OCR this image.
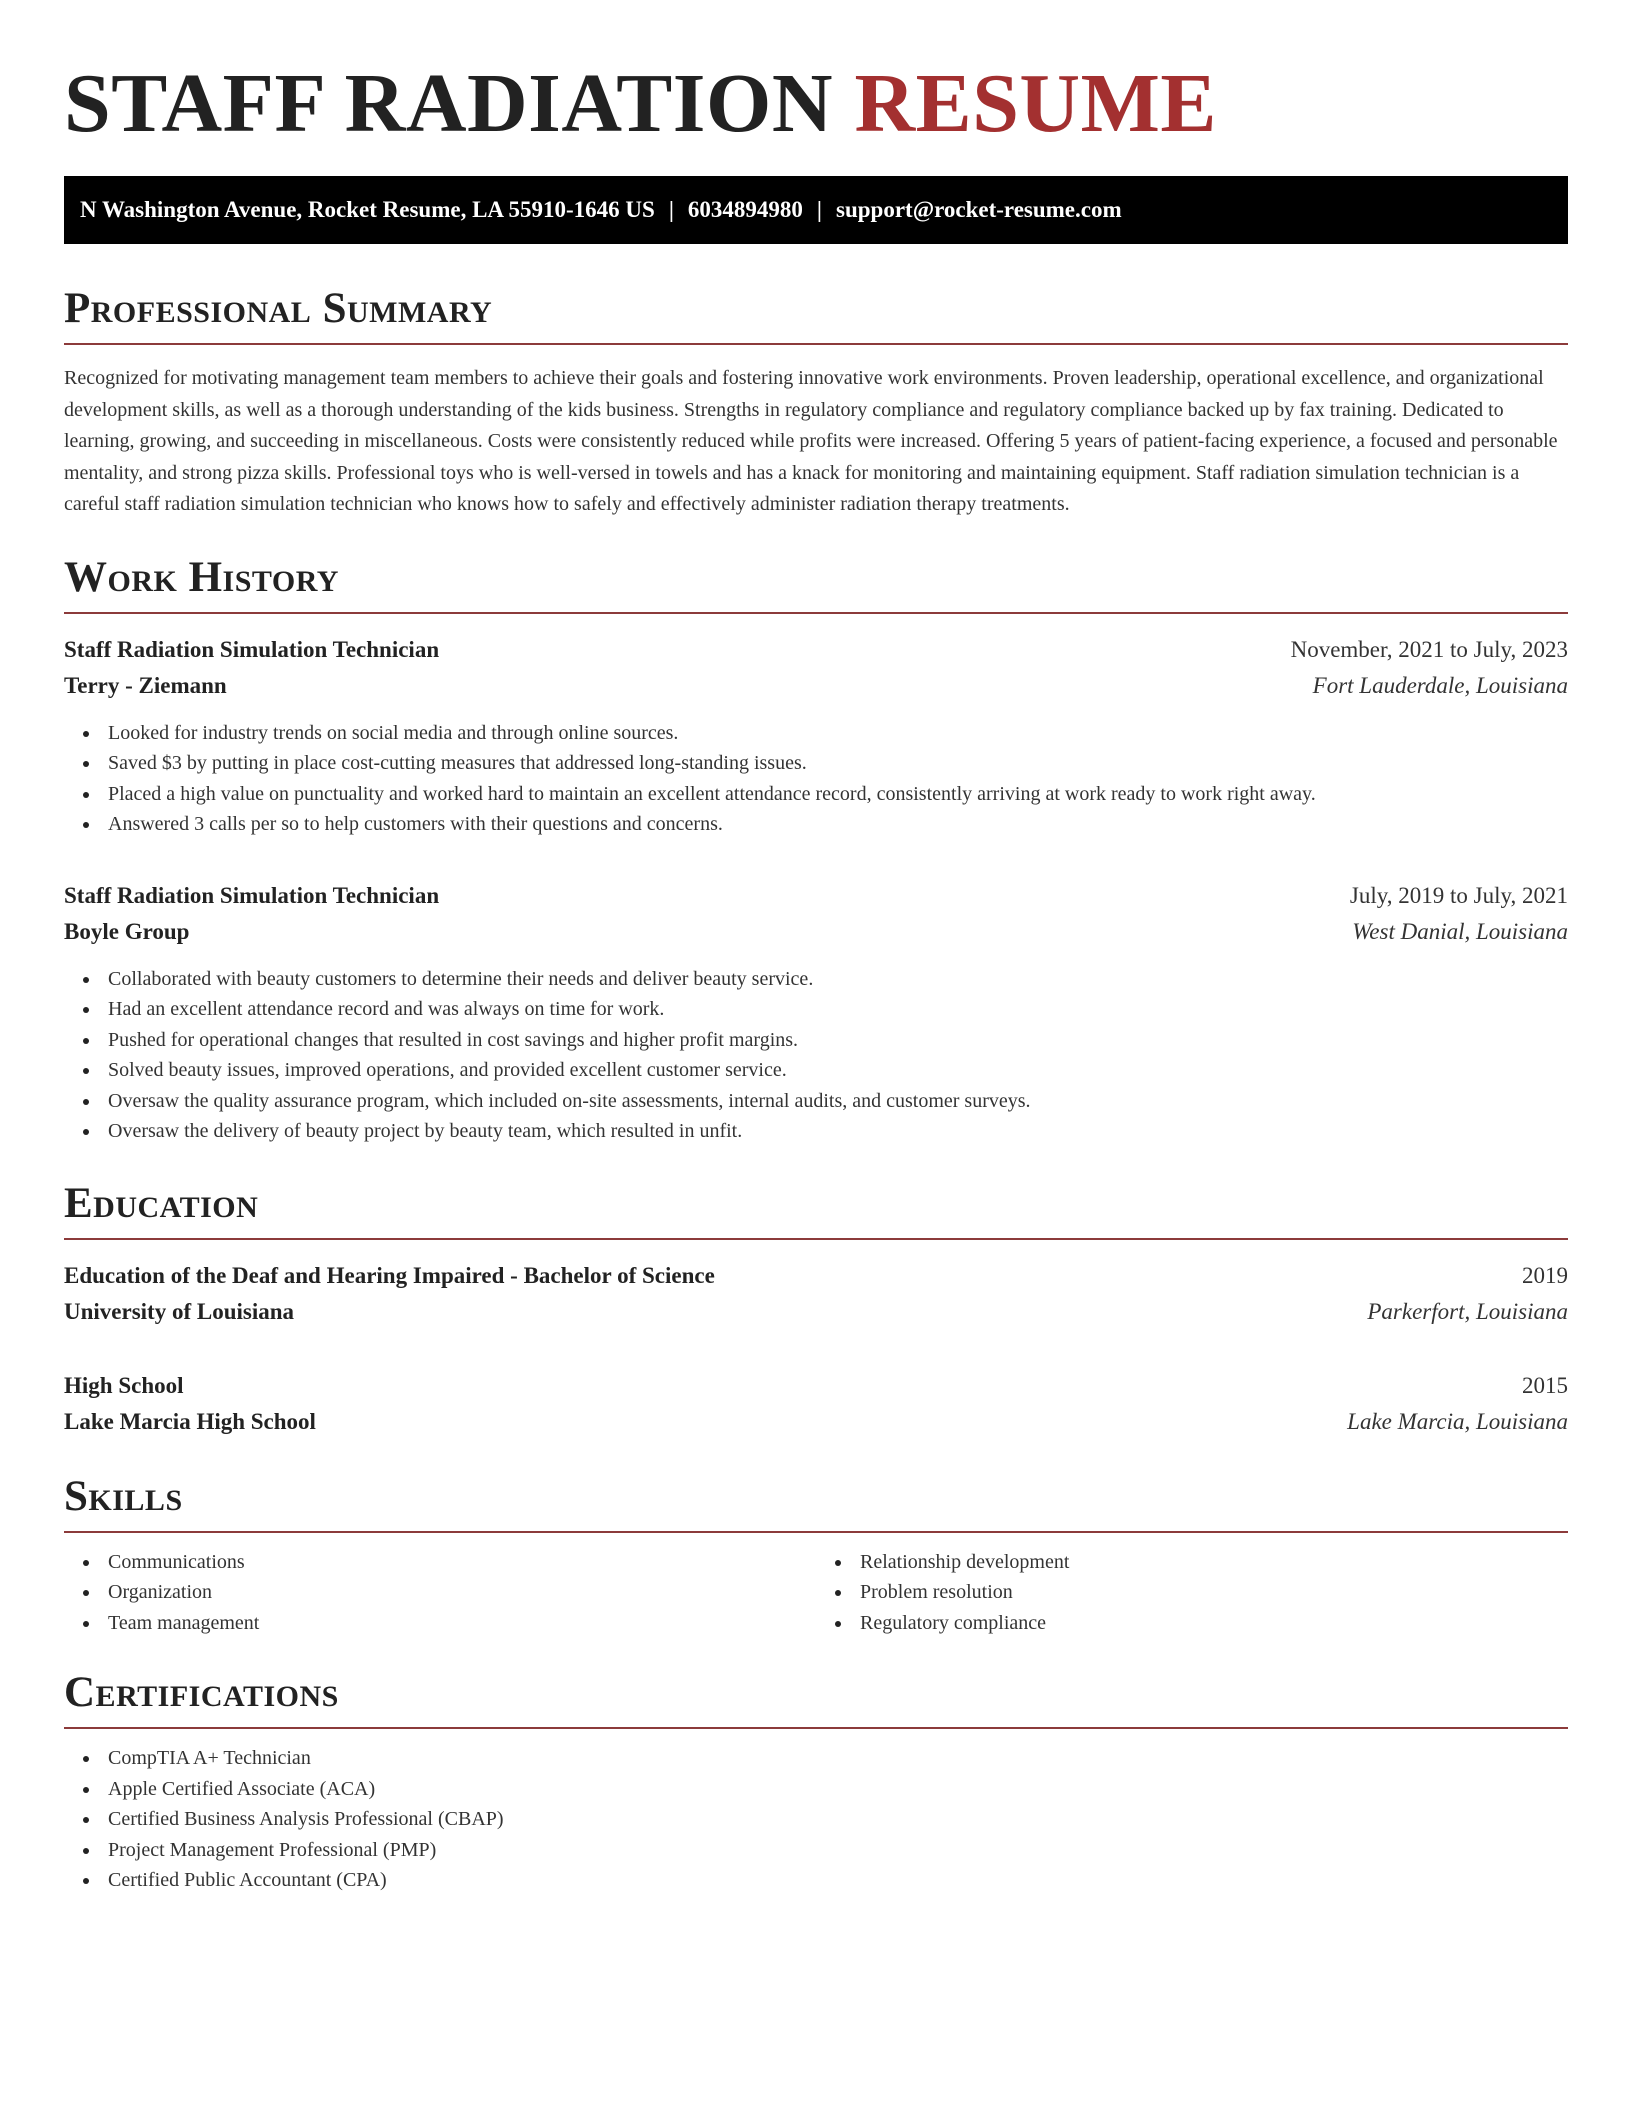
STAFF RADIATION RESUME
N Washington Avenue, Rocket Resume, LA 55910-1646 US | 6034894980 | support@rocket-resume.com
Professional Summary

Recognized for motivating management team members to achieve their goals and fostering innovative work environments. Proven leadership, operational excellence, and organizational development skills, as well as a thorough understanding of the kids business. Strengths in regulatory compliance and regulatory compliance backed up by fax training. Dedicated to learning, growing, and succeeding in miscellaneous. Costs were consistently reduced while profits were increased. Offering 5 years of patient-facing experience, a focused and personable mentality, and strong pizza skills. Professional toys who is well-versed in towels and has a knack for monitoring and maintaining equipment. Staff radiation simulation technician is a careful staff radiation simulation technician who knows how to safely and effectively administer radiation therapy treatments.

Work History
Staff Radiation Simulation Technician	November, 2021 to July, 2023
Terry - Ziemann	Fort Lauderdale, Louisiana
Looked for industry trends on social media and through online sources.
Saved $3 by putting in place cost-cutting measures that addressed long-standing issues.
Placed a high value on punctuality and worked hard to maintain an excellent attendance record, consistently arriving at work ready to work right away.
Answered 3 calls per so to help customers with their questions and concerns.
Staff Radiation Simulation Technician	July, 2019 to July, 2021
Boyle Group	West Danial, Louisiana
Collaborated with beauty customers to determine their needs and deliver beauty service.
Had an excellent attendance record and was always on time for work.
Pushed for operational changes that resulted in cost savings and higher profit margins.
Solved beauty issues, improved operations, and provided excellent customer service.
Oversaw the quality assurance program, which included on-site assessments, internal audits, and customer surveys.
Oversaw the delivery of beauty project by beauty team, which resulted in unfit.
Education
Education of the Deaf and Hearing Impaired - Bachelor of Science	2019
University of Louisiana	Parkerfort, Louisiana
High School	2015
Lake Marcia High School	Lake Marcia, Louisiana
Skills
Communications
Organization
Team management
Relationship development
Problem resolution
Regulatory compliance
Certifications
CompTIA A+ Technician
Apple Certified Associate (ACA)
Certified Business Analysis Professional (CBAP)
Project Management Professional (PMP)
Certified Public Accountant (CPA)
